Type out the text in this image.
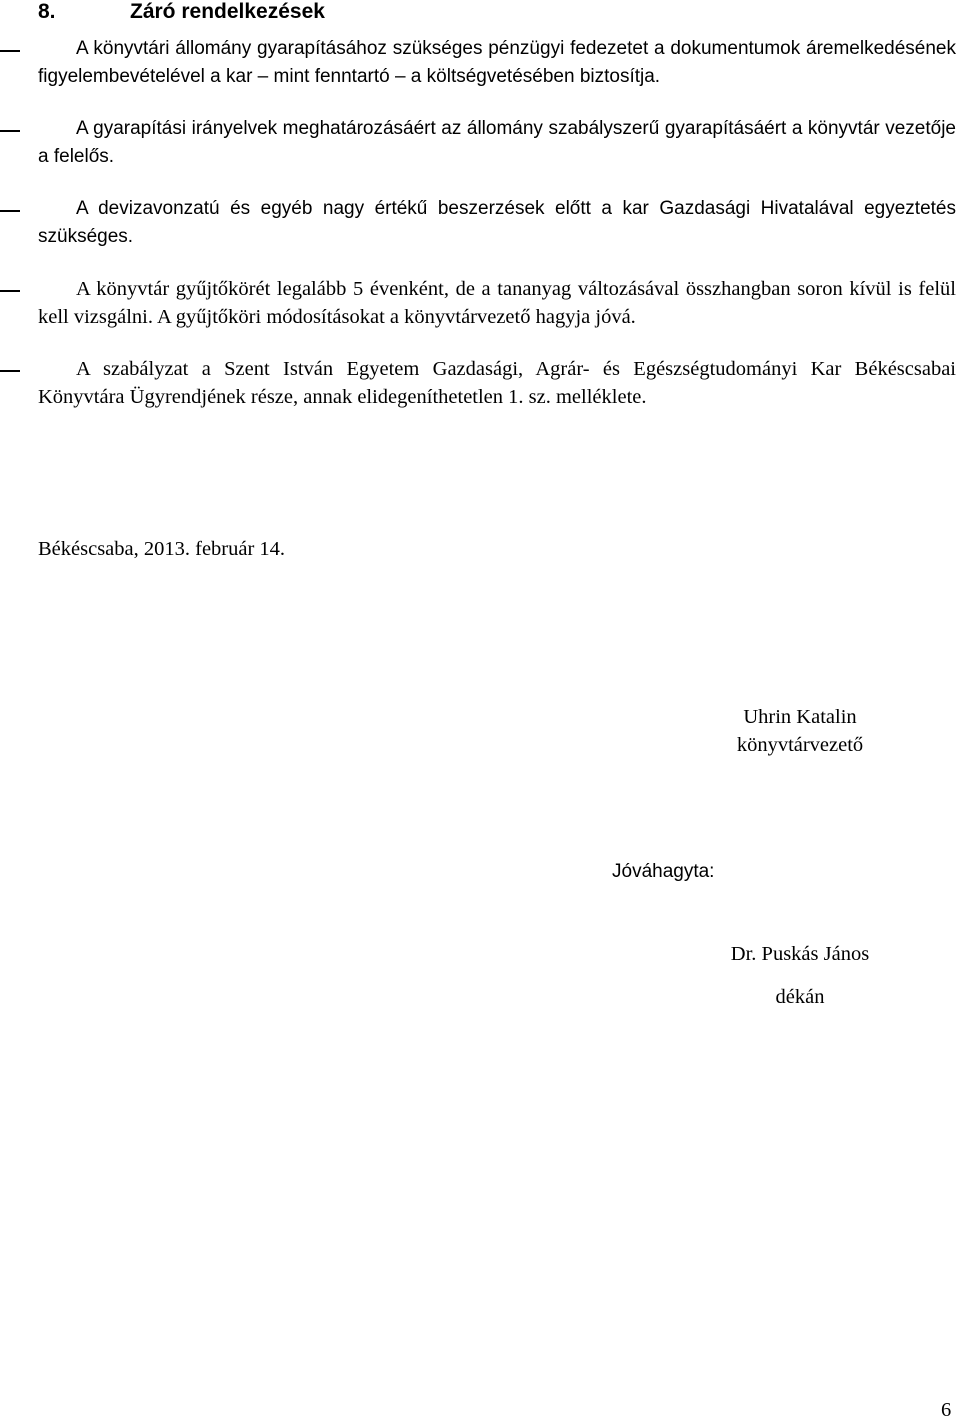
8.	Záró rendelkezések
A könyvtári állomány gyarapításához szükséges pénzügyi fedezetet a dokumentumok áremelkedésének figyelembevételével a kar – mint fenntartó – a költségvetésében biztosítja.
A gyarapítási irányelvek meghatározásáért az állomány szabályszerű gyarapításáért a könyvtár vezetője a felelős.
A devizavonzatú és egyéb nagy értékű beszerzések előtt a kar Gazdasági Hivatalával egyeztetés szükséges.
A könyvtár gyűjtőkörét legalább 5 évenként, de a tananyag változásával összhangban soron kívül is felül kell vizsgálni. A gyűjtőköri módosításokat a könyvtárvezető hagyja jóvá.
A szabályzat a Szent István Egyetem Gazdasági, Agrár- és Egészségtudományi Kar Békéscsabai Könyvtára Ügyrendjének része, annak elidegeníthetetlen 1. sz. melléklete.
Békéscsaba, 2013. február 14.
Uhrin Katalin
könyvtárvezető
Jóváhagyta:
Dr. Puskás János
dékán
6
